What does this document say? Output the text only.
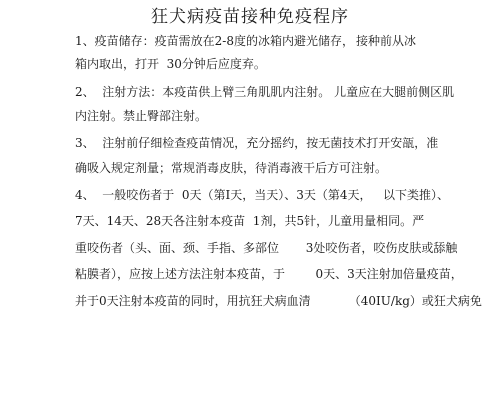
狂犬病疫苗接种免疫程序
1、疫苗储存：疫苗需放在2-8度的冰箱内避光储存， 接种前从冰
箱内取出，打开  30分钟后应度弃。
2、  注射方法：本疫苗供上臂三角肌肌内注射。 儿童应在大腿前侧区肌
内注射。禁止臀部注射。
3、  注射前仔细检查疫苗情况，充分摇约，按无菌技术打开安瓿，准
确吸入规定剂量；常规消毒皮肤，待消毒液干后方可注射。
4、  一般咬伤者于  0天（第I天，当天）、3天（第4天，   以下类推）、
7天、14天、28天各注射本疫苗  1剂，共5针，儿童用量相同。严
重咬伤者（头、面、颈、手指、多部位       3处咬伤者，咬伤皮肤或舔触
粘膜者），应按上述方法注射本疫苗，于        0天、3天注射加倍量疫苗，
并于0天注射本疫苗的同时，用抗狂犬病血清          （40IU/kg）或狂犬病免
